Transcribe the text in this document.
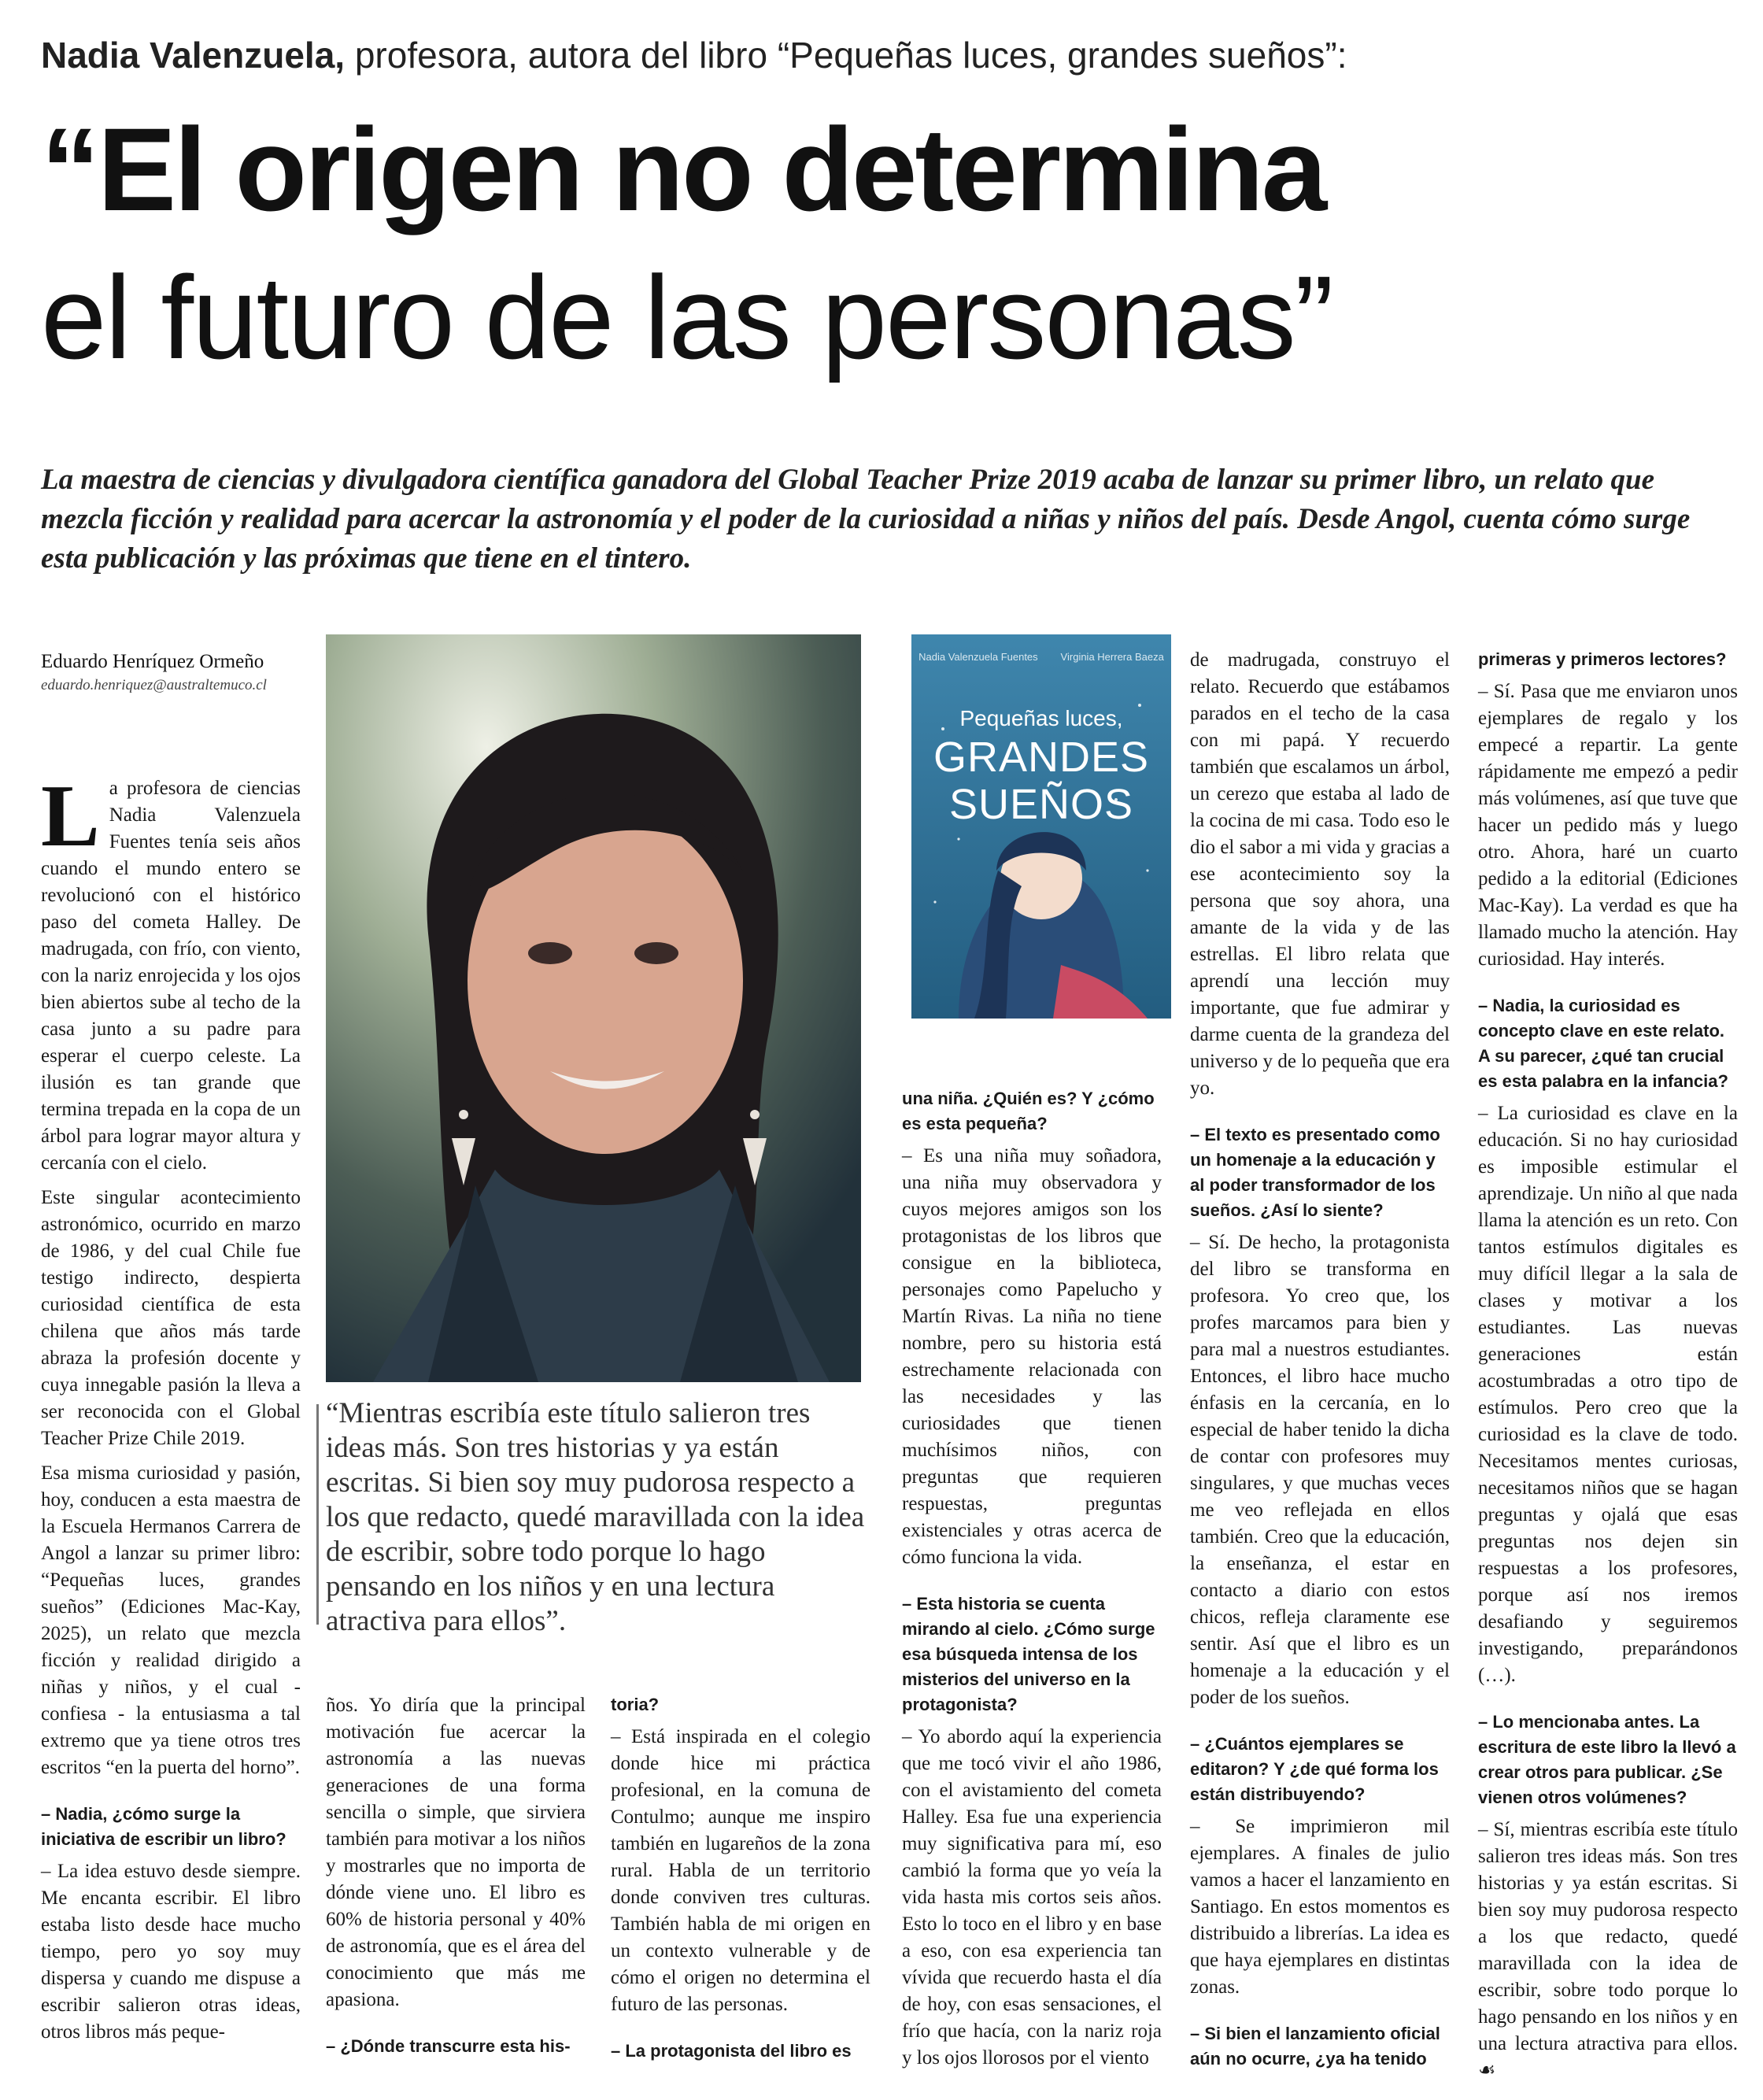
Nadia Valenzuela, profesora, autora del libro “Pequeñas luces, grandes sueños”:
“El origen no determina
el futuro de las personas”
La maestra de ciencias y divulgadora científica ganadora del Global Teacher Prize 2019 acaba de lanzar su primer libro, un relato que mezcla ficción y realidad para acercar la astronomía y el poder de la curiosidad a niñas y niños del país. Desde Angol, cuenta cómo surge esta publicación y las próximas que tiene en el tintero.
Eduardo Henríquez Ormeño
eduardo.henriquez@australtemuco.cl
Nadia Valenzuela Fuentes        Virginia Herrera Baeza
Pequeñas luces,
GRANDES
SUEÑOS
“Mientras escribía este título salieron tres ideas más. Son tres historias y ya están escritas. Si bien soy muy pudorosa respecto a los que redacto, quedé maravillada con la idea de escribir, sobre todo porque lo hago pensando en los niños y en una lectura atractiva para ellos”.

La profesora de ciencias Nadia Valenzuela Fuentes tenía seis años cuando el mundo entero se revolucionó con el histórico paso del cometa Halley. De madrugada, con frío, con viento, con la nariz enrojecida y los ojos bien abiertos sube al techo de la casa junto a su padre para esperar el cuerpo celeste. La ilusión es tan grande que termina trepada en la copa de un árbol para lograr mayor altura y cercanía con el cielo.

Este singular acontecimiento astronómico, ocurrido en marzo de 1986, y del cual Chile fue testigo indirecto, despierta curiosidad científica de esta chilena que años más tarde abraza la profesión docente y cuya innegable pasión la lleva a ser reconocida con el Global Teacher Prize Chile 2019.

Esa misma curiosidad y pasión, hoy, conducen a esta maestra de la Escuela Hermanos Carrera de Angol a lanzar su primer libro: “Pequeñas luces, grandes sueños” (Ediciones Mac-Kay, 2025), un relato que mezcla ficción y realidad dirigido a niñas y niños, y el cual - confiesa - la entusiasma a tal extremo que ya tiene otros tres escritos “en la puerta del horno”.

– Nadia, ¿cómo surge la iniciativa de escribir un libro?

– La idea estuvo desde siempre. Me encanta escribir. El libro estaba listo desde hace mucho tiempo, pero yo soy muy dispersa y cuando me dispuse a escribir salieron otras ideas, otros libros más peque-

ños. Yo diría que la principal motivación fue acercar la astronomía a las nuevas generaciones de una forma sencilla o simple, que sirviera también para motivar a los niños y mostrarles que no importa de dónde viene uno. El libro es 60% de historia personal y 40% de astronomía, que es el área del conocimiento que más me apasiona.

– ¿Dónde transcurre esta his-

toria?

– Está inspirada en el colegio donde hice mi práctica profesional, en la comuna de Contulmo; aunque me inspiro también en lugareños de la zona rural. Habla de un territorio donde conviven tres culturas. También habla de mi origen en un contexto vulnerable y de cómo el origen no determina el futuro de las personas.

– La protagonista del libro es

una niña. ¿Quién es? Y ¿cómo es esta pequeña?

– Es una niña muy soñadora, una niña muy observadora y cuyos mejores amigos son los protagonistas de los libros que consigue en la biblioteca, personajes como Papelucho y Martín Rivas. La niña no tiene nombre, pero su historia está estrechamente relacionada con las necesidades y las curiosidades que tienen muchísimos niños, con preguntas que requieren respuestas, preguntas existenciales y otras acerca de cómo funciona la vida.

– Esta historia se cuenta mirando al cielo. ¿Cómo surge esa búsqueda intensa de los misterios del universo en la protagonista?

– Yo abordo aquí la experiencia que me tocó vivir el año 1986, con el avistamiento del cometa Halley. Esa fue una experiencia muy significativa para mí, eso cambió la forma que yo veía la vida hasta mis cortos seis años. Esto lo toco en el libro y en base a eso, con esa experiencia tan vívida que recuerdo hasta el día de hoy, con esas sensaciones, el frío que hacía, con la nariz roja y los ojos llorosos por el viento

de madrugada, construyo el relato. Recuerdo que estábamos parados en el techo de la casa con mi papá. Y recuerdo también que escalamos un árbol, un cerezo que estaba al lado de la cocina de mi casa. Todo eso le dio el sabor a mi vida y gracias a ese acontecimiento soy la persona que soy ahora, una amante de la vida y de las estrellas. El libro relata que aprendí una lección muy importante, que fue admirar y darme cuenta de la grandeza del universo y de lo pequeña que era yo.

– El texto es presentado como un homenaje a la educación y al poder transformador de los sueños. ¿Así lo siente?

– Sí. De hecho, la protagonista del libro se transforma en profesora. Yo creo que, los profes marcamos para bien y para mal a nuestros estudiantes. Entonces, el libro hace mucho énfasis en la cercanía, en lo especial de haber tenido la dicha de contar con profesores muy singulares, y que muchas veces me veo reflejada en ellos también. Creo que la educación, la enseñanza, el estar en contacto a diario con estos chicos, refleja claramente ese sentir. Así que el libro es un homenaje a la educación y el poder de los sueños.

– ¿Cuántos ejemplares se editaron? Y ¿de qué forma los están distribuyendo?

– Se imprimieron mil ejemplares. A finales de julio vamos a hacer el lanzamiento en Santiago. En estos momentos es distribuido a librerías. La idea es que haya ejemplares en distintas zonas.

– Si bien el lanzamiento oficial aún no ocurre, ¿ya ha tenido

primeras y primeros lectores?

– Sí. Pasa que me enviaron unos ejemplares de regalo y los empecé a repartir. La gente rápidamente me empezó a pedir más volúmenes, así que tuve que hacer un pedido más y luego otro. Ahora, haré un cuarto pedido a la editorial (Ediciones Mac-Kay). La verdad es que ha llamado mucho la atención. Hay curiosidad. Hay interés.

– Nadia, la curiosidad es concepto clave en este relato. A su parecer, ¿qué tan crucial es esta palabra en la infancia?

– La curiosidad es clave en la educación. Si no hay curiosidad es imposible estimular el aprendizaje. Un niño al que nada llama la atención es un reto. Con tantos estímulos digitales es muy difícil llegar a la sala de clases y motivar a los estudiantes. Las nuevas generaciones están acostumbradas a otro tipo de estímulos. Pero creo que la curiosidad es la clave de todo. Necesitamos mentes curiosas, necesitamos niños que se hagan preguntas y ojalá que esas preguntas nos dejen sin respuestas a los profesores, porque así nos iremos desafiando y seguiremos investigando, preparándonos (…).

– Lo mencionaba antes. La escritura de este libro la llevó a crear otros para publicar. ¿Se vienen otros volúmenes?

– Sí, mientras escribía este título salieron tres ideas más. Son tres historias y ya están escritas. Si bien soy muy pudorosa respecto a los que redacto, quedé maravillada con la idea de escribir, sobre todo porque lo hago pensando en los niños y en una lectura atractiva para ellos. ☙
